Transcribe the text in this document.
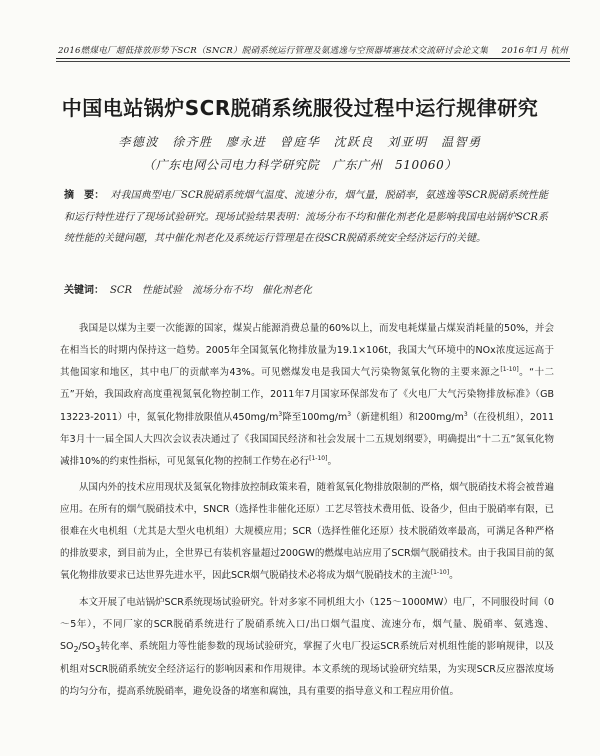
2016燃煤电厂超低排放形势下SCR（SNCR）脱硝系统运行管理及氨逃逸与空预器堵塞技术交流研讨会论文集 2016年1月 杭州
中国电站锅炉SCR脱硝系统服役过程中运行规律研究
李德波 徐齐胜 廖永进 曾庭华 沈跃良 刘亚明 温智勇
（广东电网公司电力科学研究院　广东广州　510060）
摘　要： 对我国典型电厂SCR脱硝系统烟气温度、流速分布，烟气量，脱硝率，氨逃逸等SCR脱硝系统性能和运行特性进行了现场试验研究。现场试验结果表明：流场分布不均和催化剂老化是影响我国电站锅炉SCR系统性能的关键问题，其中催化剂老化及系统运行管理是在役SCR脱硝系统安全经济运行的关键。
关键词： SCR　性能试验　流场分布不均　催化剂老化

我国是以煤为主要一次能源的国家，煤炭占能源消费总量的60%以上，而发电耗煤量占煤炭消耗量的50%，并会在相当长的时期内保持这一趋势。2005年全国氮氧化物排放量为19.1×106t，我国大气环境中的NOx浓度远远高于其他国家和地区，其中电厂的贡献率为43%。可见燃煤发电是我国大气污染物氮氧化物的主要来源之[1-10]。“十二五”开始，我国政府高度重视氮氧化物控制工作，2011年7月国家环保部发布了《火电厂大气污染物排放标准》（GB 13223-2011）中，氮氧化物排放限值从$450mg/m^3$降至$100mg/m^3$（新建机组）和$200mg/m^3$（在役机组），2011年3月十一届全国人大四次会议表决通过了《我国国民经济和社会发展十二五规划纲要》，明确提出“十二五”氮氧化物减排10%的约束性指标，可见氮氧化物的控制工作势在必行[1-10]。

从国内外的技术应用现状及氮氧化物排放控制政策来看，随着氮氧化物排放限制的严格，烟气脱硝技术将会被普遍应用。在所有的烟气脱硝技术中，SNCR（选择性非催化还原）工艺尽管技术费用低、设备少，但由于脱硝率有限，已很难在火电机组（尤其是大型火电机组）大规模应用；SCR（选择性催化还原）技术脱硝效率最高，可满足各种严格的排放要求，到目前为止，全世界已有装机容量超过200GW的燃煤电站应用了SCR烟气脱硝技术。由于我国目前的氮氧化物排放要求已达世界先进水平，因此SCR烟气脱硝技术必将成为烟气脱硝技术的主流[1-10]。

本文开展了电站锅炉SCR系统现场试验研究。针对多家不同机组大小（125～1000MW）电厂，不同服役时间（0～5年），不同厂家的SCR脱硝系统进行了脱硝系统入口/出口烟气温度、流速分布，烟气量、脱硝率、氨逃逸、$SO_2/SO_3$转化率、系统阻力等性能参数的现场试验研究，掌握了火电厂投运SCR系统后对机组性能的影响规律，以及机组对SCR脱硝系统安全经济运行的影响因素和作用规律。本文系统的现场试验研究结果，为实现SCR反应器浓度场的均匀分布，提高系统脱硝率，避免设备的堵塞和腐蚀，具有重要的指导意义和工程应用价值。
